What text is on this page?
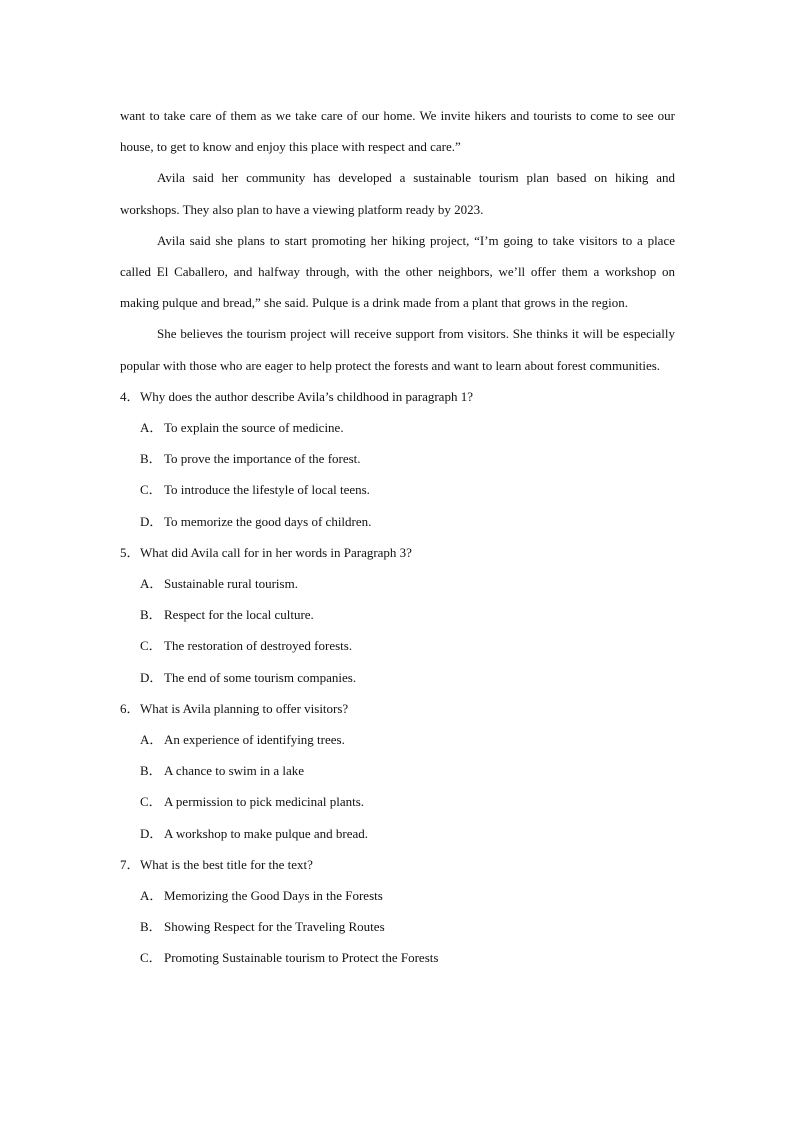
want to take care of them as we take care of our home. We invite hikers and tourists to come to see our house, to get to know and enjoy this place with respect and care.”

Avila said her community has developed a sustainable tourism plan based on hiking and workshops. They also plan to have a viewing platform ready by 2023.

Avila said she plans to start promoting her hiking project, “I’m going to take visitors to a place called El Caballero, and halfway through, with the other neighbors, we’ll offer them a workshop on making pulque and bread,” she said. Pulque is a drink made from a plant that grows in the region.

She believes the tourism project will receive support from visitors. She thinks it will be especially popular with those who are eager to help protect the forests and want to learn about forest communities.

4．Why does the author describe Avila’s childhood in paragraph 1?

A． To explain the source of medicine.

B． To prove the importance of the forest.

C． To introduce the lifestyle of local teens.

D． To memorize the good days of children.

5．What did Avila call for in her words in Paragraph 3?

A． Sustainable rural tourism.

B． Respect for the local culture.

C． The restoration of destroyed forests.

D． The end of some tourism companies.

6．What is Avila planning to offer visitors?

A． An experience of identifying trees.

B． A chance to swim in a lake

C． A permission to pick medicinal plants.

D． A workshop to make pulque and bread.

7．What is the best title for the text?

A． Memorizing the Good Days in the Forests

B． Showing Respect for the Traveling Routes

C． Promoting Sustainable tourism to Protect the Forests
